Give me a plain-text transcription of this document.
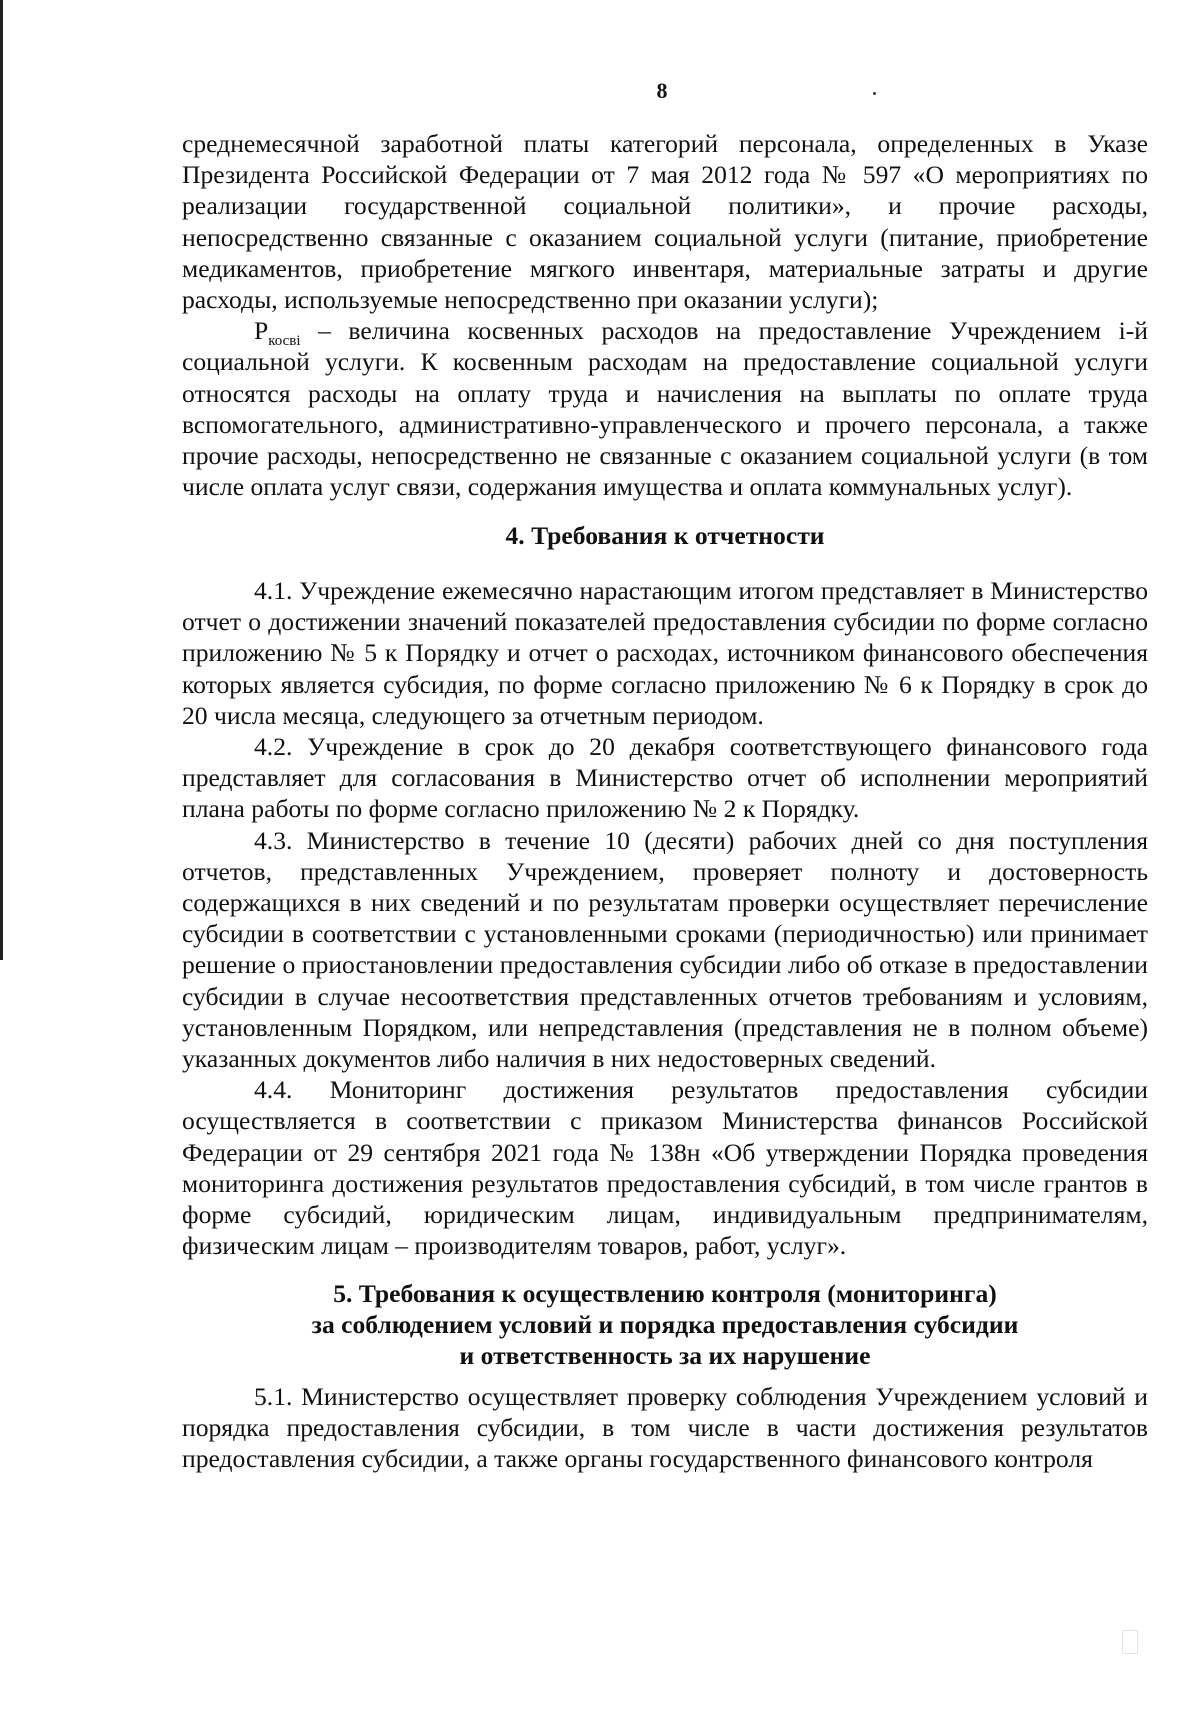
8

среднемесячной заработной платы категорий персонала, определенных в Указе Президента Российской Федерации от 7 мая 2012 года № 597 «О мероприятиях по реализации государственной социальной политики», и прочие расходы, непосредственно связанные с оказанием социальной услуги (питание, приобретение медикаментов, приобретение мягкого инвентаря, материальные затраты и другие расходы, используемые непосредственно при оказании услуги);

$P_{косвi}$ – величина косвенных расходов на предоставление Учреждением i-й социальной услуги. К косвенным расходам на предоставление социальной услуги относятся расходы на оплату труда и начисления на выплаты по оплате труда вспомогательного, административно-управленческого и прочего персонала, а также прочие расходы, непосредственно не связанные с оказанием социальной услуги (в том числе оплата услуг связи, содержания имущества и оплата коммунальных услуг).

4. Требования к отчетности

4.1. Учреждение ежемесячно нарастающим итогом представляет в Министерство отчет о достижении значений показателей предоставления субсидии по форме согласно приложению № 5 к Порядку и отчет о расходах, источником финансового обеспечения которых является субсидия, по форме согласно приложению № 6 к Порядку в срок до 20 числа месяца, следующего за отчетным периодом.

4.2. Учреждение в срок до 20 декабря соответствующего финансового года представляет для согласования в Министерство отчет об исполнении мероприятий плана работы по форме согласно приложению № 2 к Порядку.

4.3. Министерство в течение 10 (десяти) рабочих дней со дня поступления отчетов, представленных Учреждением, проверяет полноту и достоверность содержащихся в них сведений и по результатам проверки осуществляет перечисление субсидии в соответствии с установленными сроками (периодичностью) или принимает решение о приостановлении предоставления субсидии либо об отказе в предоставлении субсидии в случае несоответствия представленных отчетов требованиям и условиям, установленным Порядком, или непредставления (представления не в полном объеме) указанных документов либо наличия в них недостоверных сведений.

4.4. Мониторинг достижения результатов предоставления субсидии осуществляется в соответствии с приказом Министерства финансов Российской Федерации от 29 сентября 2021 года № 138н «Об утверждении Порядка проведения мониторинга достижения результатов предоставления субсидий, в том числе грантов в форме субсидий, юридическим лицам, индивидуальным предпринимателям, физическим лицам – производителям товаров, работ, услуг».

5. Требования к осуществлению контроля (мониторинга)

за соблюдением условий и порядка предоставления субсидии

и ответственность за их нарушение

5.1. Министерство осуществляет проверку соблюдения Учреждением условий и порядка предоставления субсидии, в том числе в части достижения результатов предоставления субсидии, а также органы государственного финансового контроля
